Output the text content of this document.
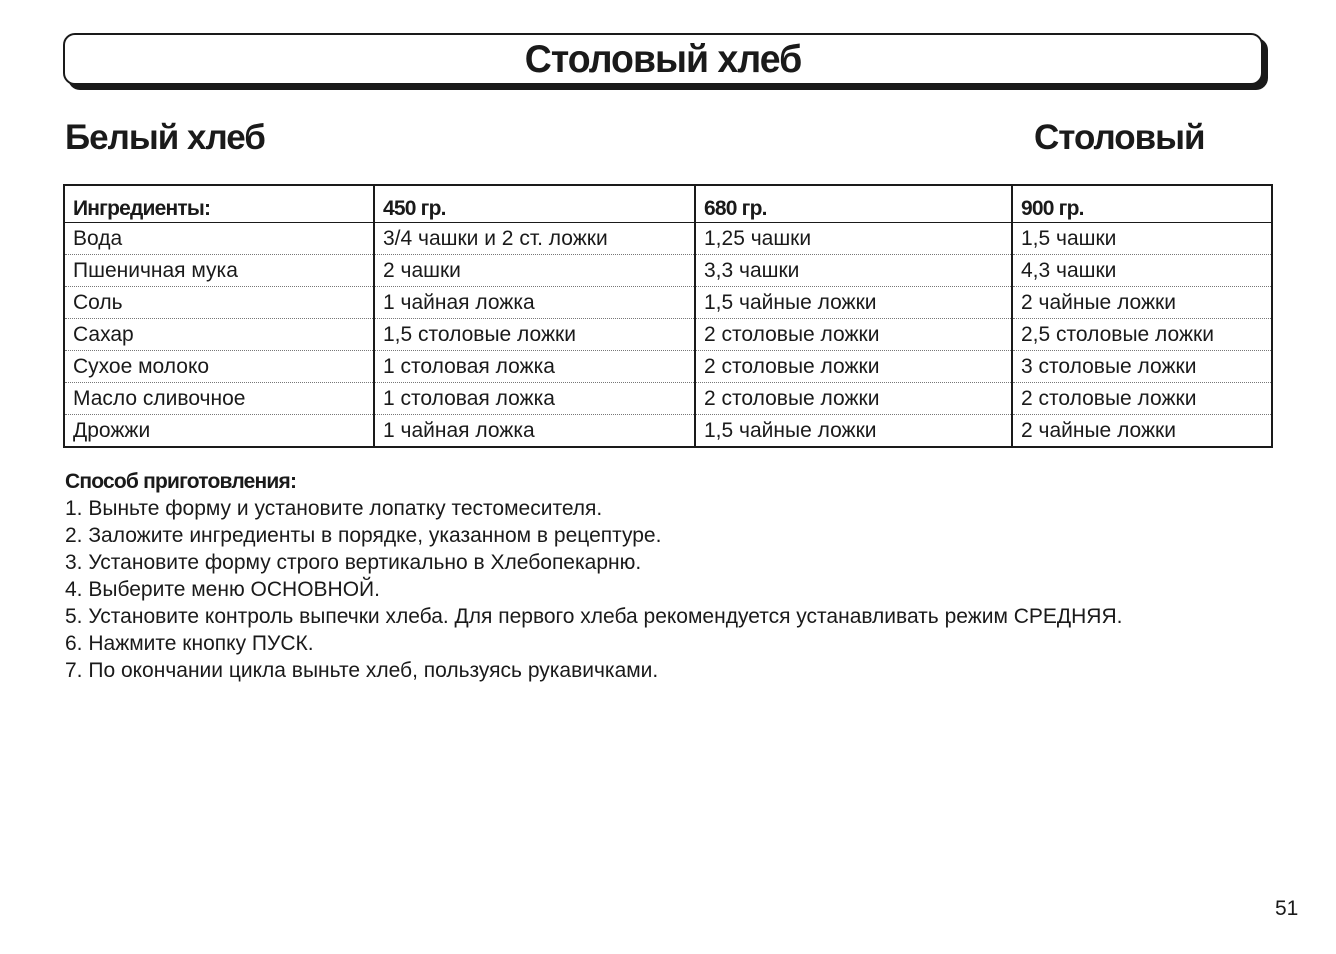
Столовый хлеб
Белый хлеб	Столовый
Ингредиенты:	450 гр.	680 гр.	900 гр.
Вода	3/4 чашки и 2 ст. ложки	1,25 чашки	1,5 чашки
Пшеничная мука	2 чашки	3,3 чашки	4,3 чашки
Соль	1 чайная ложка	1,5 чайные ложки	2 чайные ложки
Сахар	1,5 столовые ложки	2 столовые ложки	2,5 столовые ложки
Сухое молоко	1 столовая ложка	2 столовые ложки	3 столовые ложки
Масло сливочное	1 столовая ложка	2 столовые ложки	2 столовые ложки
Дрожжи	1 чайная ложка	1,5 чайные ложки	2 чайные ложки
Способ приготовления:
1. Выньте форму и установите лопатку тестомесителя.
2. Заложите ингредиенты в порядке, указанном в рецептуре.
3. Установите форму строго вертикально в Хлебопекарню.
4. Выберите меню ОСНОВНОЙ.
5. Установите контроль выпечки хлеба. Для первого хлеба рекомендуется устанавливать режим СРЕДНЯЯ.
6. Нажмите кнопку ПУСК.
7. По окончании цикла выньте хлеб, пользуясь рукавичками.
51
